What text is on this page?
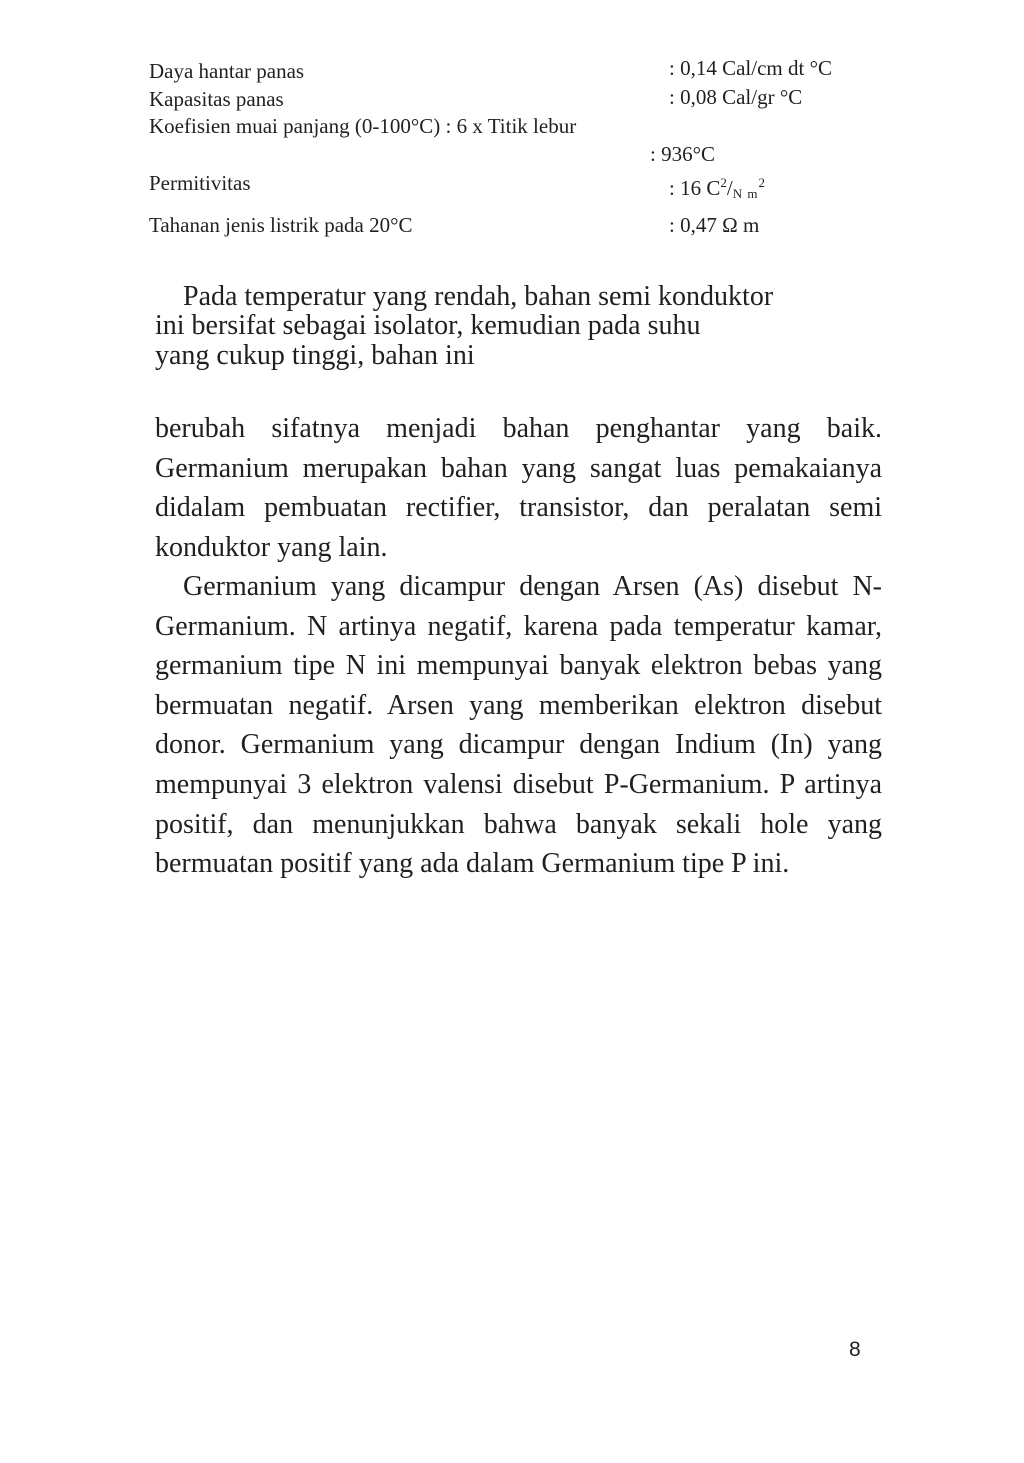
Daya hantar panas	: 0,14 Cal/cm dt °C
Kapasitas panas	: 0,08 Cal/gr °C
Koefisien muai panjang (0-100°C) : 6 x Titik lebur
: 936°C
Permitivitas	: 16 $C^2/N$ $m^2$
Tahanan jenis listrik pada 20°C	: 0,47 Ω m
Pada temperatur yang rendah, bahan semi konduktor
ini bersifat sebagai isolator, kemudian pada suhu
yang cukup tinggi, bahan ini

berubah sifatnya menjadi bahan penghantar yang baik. Germanium merupakan bahan yang sangat luas pemakaianya didalam pembuatan rectifier, transistor, dan peralatan semi konduktor yang lain.

Germanium yang dicampur dengan Arsen (As) disebut N- Germanium. N artinya negatif, karena pada temperatur kamar, germanium tipe N ini mempunyai banyak elektron bebas yang bermuatan negatif. Arsen yang memberikan elektron disebut donor. Germanium yang dicampur dengan Indium (In) yang mempunyai 3 elektron valensi disebut P-Germanium. P artinya positif, dan menunjukkan bahwa banyak sekali hole yang bermuatan positif yang ada dalam Germanium tipe P ini.

8
